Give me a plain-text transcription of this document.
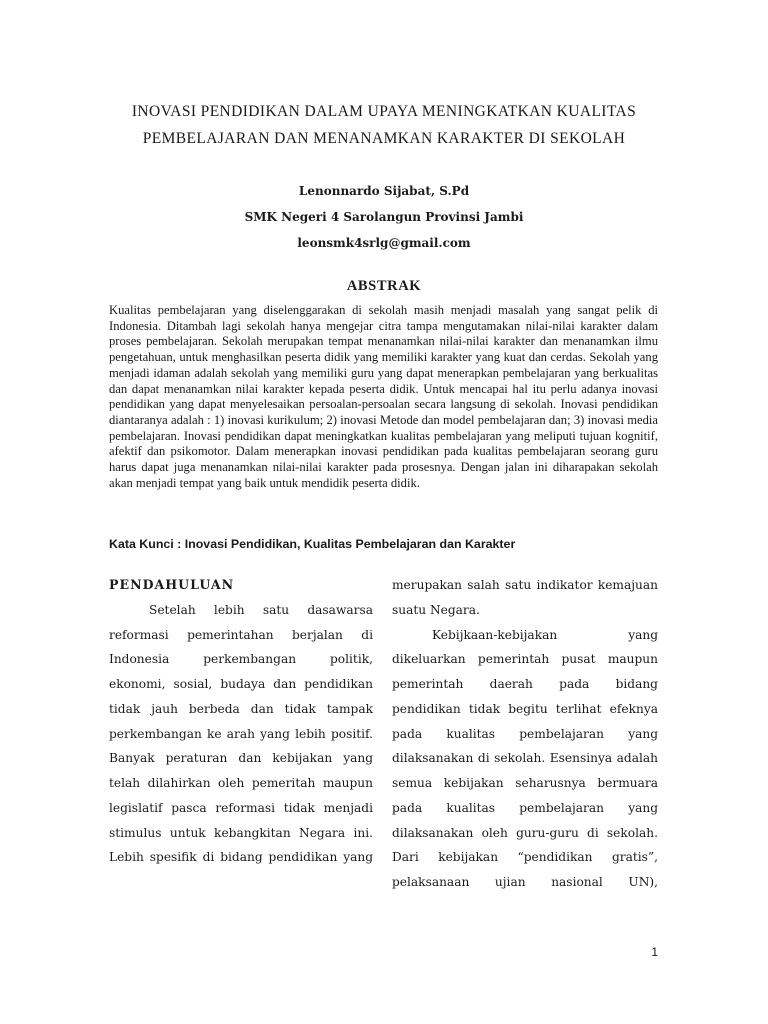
INOVASI PENDIDIKAN DALAM UPAYA MENINGKATKAN KUALITAS
PEMBELAJARAN DAN MENANAMKAN KARAKTER DI SEKOLAH
Lenonnardo Sijabat, S.Pd
SMK Negeri 4 Sarolangun Provinsi Jambi
leonsmk4srlg@gmail.com
ABSTRAK

Kualitas pembelajaran yang diselenggarakan di sekolah masih menjadi masalah yang sangat pelik di Indonesia. Ditambah lagi sekolah hanya mengejar citra tampa mengutamakan nilai-nilai karakter dalam proses pembelajaran. Sekolah merupakan tempat menanamkan nilai-nilai karakter dan menanamkan ilmu pengetahuan, untuk menghasilkan peserta didik yang memiliki karakter yang kuat dan cerdas. Sekolah yang menjadi idaman adalah sekolah yang memiliki guru yang dapat menerapkan pembelajaran yang berkualitas dan dapat menanamkan nilai karakter kepada peserta didik. Untuk mencapai hal itu perlu adanya inovasi pendidikan yang dapat menyelesaikan persoalan-persoalan secara langsung di sekolah. Inovasi pendidikan diantaranya adalah : 1) inovasi kurikulum; 2) inovasi Metode dan model pembelajaran dan; 3) inovasi media pembelajaran. Inovasi pendidikan dapat meningkatkan kualitas pembelajaran yang meliputi tujuan kognitif, afektif dan psikomotor. Dalam menerapkan inovasi pendidikan pada kualitas pembelajaran seorang guru harus dapat juga menanamkan nilai-nilai karakter pada prosesnya. Dengan jalan ini diharapakan sekolah akan menjadi tempat yang baik untuk mendidik peserta didik.

Kata Kunci : Inovasi Pendidikan, Kualitas Pembelajaran dan Karakter

PENDAHULUAN
Setelah lebih satu dasawarsa
reformasi pemerintahan berjalan di
Indonesia perkembangan politik,
ekonomi, sosial, budaya dan pendidikan
tidak jauh berbeda dan tidak tampak
perkembangan ke arah yang lebih positif.
Banyak peraturan dan kebijakan yang
telah dilahirkan oleh pemeritah maupun
legislatif pasca reformasi tidak menjadi
stimulus untuk kebangkitan Negara ini.
Lebih spesifik di bidang pendidikan yang
merupakan salah satu indikator kemajuan
suatu Negara.
Kebijkaan-kebijakan yang
dikeluarkan pemerintah pusat maupun
pemerintah daerah pada bidang
pendidikan tidak begitu terlihat efeknya
pada kualitas pembelajaran yang
dilaksanakan di sekolah. Esensinya adalah
semua kebijakan seharusnya bermuara
pada kualitas pembelajaran yang
dilaksanakan oleh guru-guru di sekolah.
Dari kebijakan “pendidikan gratis”,
pelaksanaan ujian nasional UN),

1
